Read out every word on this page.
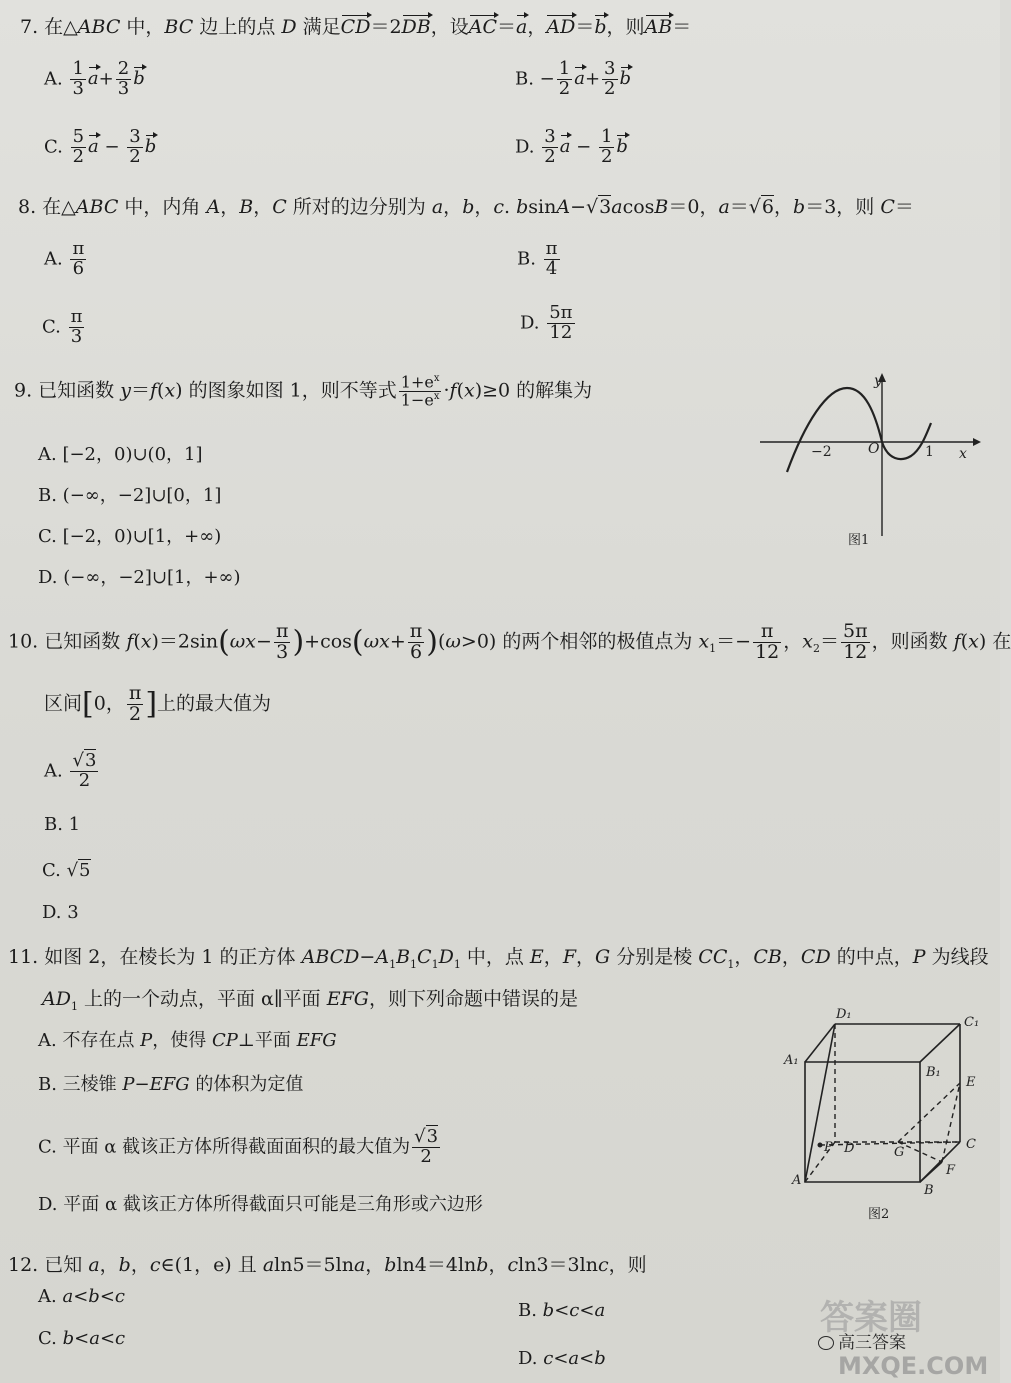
7. 在△ABC 中，BC 边上的点 D 满足CD＝2DB，设AC＝a，AD＝b，则AB＝
A. $\frac{1}{3} a+ \frac{2}{3}$ b	B. − $\frac{1}{2} a+ \frac{3}{2}$ b
C. $\frac{5}{2}$ $a - \frac{3}{2}$ b	D. $\frac{3}{2}$ $a - \frac{1}{2}$ b
8. 在△ABC 中，内角 A，B，C 所对的边分别为 a，b，c. bsinA−√3acosB＝0，a＝√6，b＝3，则 C＝
A. $\frac{\pi}{6}$	B. $\frac{\pi}{4}$
C. $\frac{\pi}{3}$	D. $\frac{5\pi}{12}$
9. 已知函数 y＝f(x) 的图象如图 1，则不等式 $\frac{1+e^x}{1-e^x} \cdot f(x)\ge 0$ 的解集为
A. [−2，0)∪(0，1]
B. (−∞，−2]∪[0，1]
C. [−2，0)∪[1，+∞)
D. (−∞，−2]∪[1，+∞)
−2	O	1 x
y
图1
10. 已知函数 $f(x)=2\sin(\omega x- \frac{\pi}{3} )+\cos(\omega x+ \frac{\pi}{6} )(\omega>0)$ 的两个相邻的极值点为 $x_1=- \frac{\pi}{12}$ ，$x_2= \frac{5\pi}{12}$ ，则函数 f(x) 在
区间[0， $\frac{\pi}{2}$ ]上的最大值为
A. $\frac{√3}{2}$
B. 1
C. √5
D. 3
11. 如图 2，在棱长为 1 的正方体 $ABCD-A_1B_1C_1D_1$ 中，点 E，F，G 分别是棱 $CC_1$，CB，CD 的中点，P 为线段
$AD_1$ 上的一个动点，平面 α∥平面 EFG，则下列命题中错误的是
A. 不存在点 P，使得 CP⊥平面 EFG
B. 三棱锥 P−EFG 的体积为定值
C. 平面 α 截该正方体所得截面面积的最大值为 $\frac{√3}{2}$
D. 平面 α 截该正方体所得截面只可能是三角形或六边形
D₁
C₁
A₁
B₁
E
P D	G
C
A
F
B
图2
12. 已知 a，b，c∈(1，e) 且 aln5＝5lna，bln4＝4lnb，cln3＝3lnc，则
A. a<b<c
B. b<c<a
C. b<a<c
D. c<a<b
答案圈
高三答案
MXQE.COM
